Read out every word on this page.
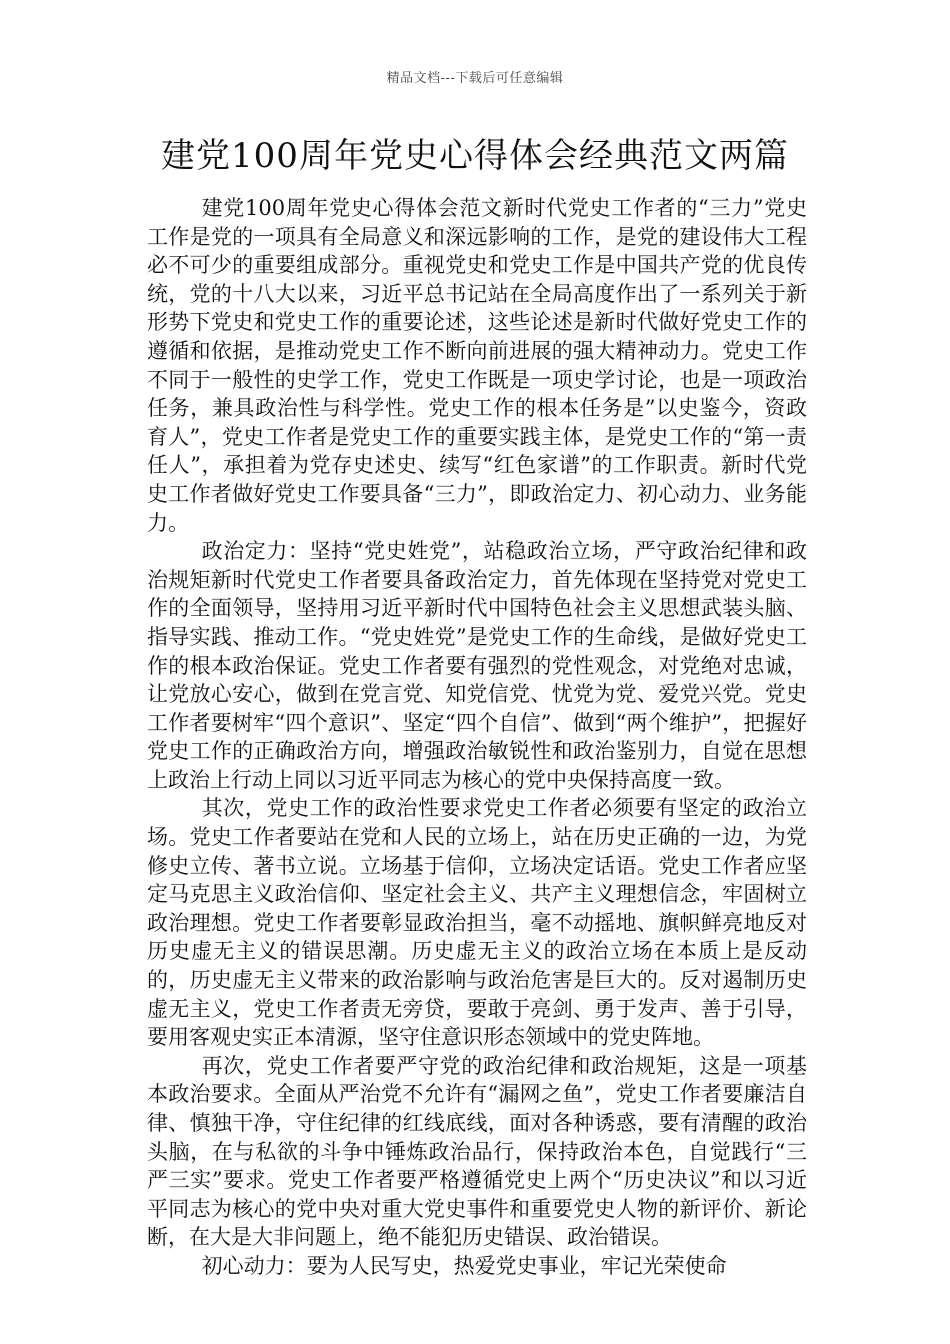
精品文档---下载后可任意编辑
建党100周年党史心得体会经典范文两篇

建党100周年党史心得体会范文新时代党史工作者的“三力”党史工作是党的一项具有全局意义和深远影响的工作，是党的建设伟大工程必不可少的重要组成部分。重视党史和党史工作是中国共产党的优良传统，党的十八大以来，习近平总书记站在全局高度作出了一系列关于新形势下党史和党史工作的重要论述，这些论述是新时代做好党史工作的遵循和依据，是推动党史工作不断向前进展的强大精神动力。党史工作不同于一般性的史学工作，党史工作既是一项史学讨论，也是一项政治任务，兼具政治性与科学性。党史工作的根本任务是”以史鉴今，资政育人”，党史工作者是党史工作的重要实践主体，是党史工作的“第一责任人”，承担着为党存史述史、续写“红色家谱”的工作职责。新时代党史工作者做好党史工作要具备“三力”，即政治定力、初心动力、业务能力。

政治定力：坚持“党史姓党”，站稳政治立场，严守政治纪律和政治规矩新时代党史工作者要具备政治定力，首先体现在坚持党对党史工作的全面领导，坚持用习近平新时代中国特色社会主义思想武装头脑、指导实践、推动工作。“党史姓党”是党史工作的生命线，是做好党史工作的根本政治保证。党史工作者要有强烈的党性观念，对党绝对忠诚，让党放心安心，做到在党言党、知党信党、忧党为党、爱党兴党。党史工作者要树牢“四个意识”、坚定“四个自信”、做到“两个维护”，把握好党史工作的正确政治方向，增强政治敏锐性和政治鉴别力，自觉在思想上政治上行动上同以习近平同志为核心的党中央保持高度一致。

其次，党史工作的政治性要求党史工作者必须要有坚定的政治立场。党史工作者要站在党和人民的立场上，站在历史正确的一边，为党修史立传、著书立说。立场基于信仰，立场决定话语。党史工作者应坚定马克思主义政治信仰、坚定社会主义、共产主义理想信念，牢固树立政治理想。党史工作者要彰显政治担当，毫不动摇地、旗帜鲜亮地反对历史虚无主义的错误思潮。历史虚无主义的政治立场在本质上是反动的，历史虚无主义带来的政治影响与政治危害是巨大的。反对遏制历史虚无主义，党史工作者责无旁贷，要敢于亮剑、勇于发声、善于引导，要用客观史实正本清源，坚守住意识形态领域中的党史阵地。

再次，党史工作者要严守党的政治纪律和政治规矩，这是一项基本政治要求。全面从严治党不允许有“漏网之鱼”，党史工作者要廉洁自律、慎独干净，守住纪律的红线底线，面对各种诱惑，要有清醒的政治头脑，在与私欲的斗争中锤炼政治品行，保持政治本色，自觉践行“三严三实”要求。党史工作者要严格遵循党史上两个“历史决议”和以习近平同志为核心的党中央对重大党史事件和重要党史人物的新评价、新论断，在大是大非问题上，绝不能犯历史错误、政治错误。

初心动力：要为人民写史，热爱党史事业，牢记光荣使命
